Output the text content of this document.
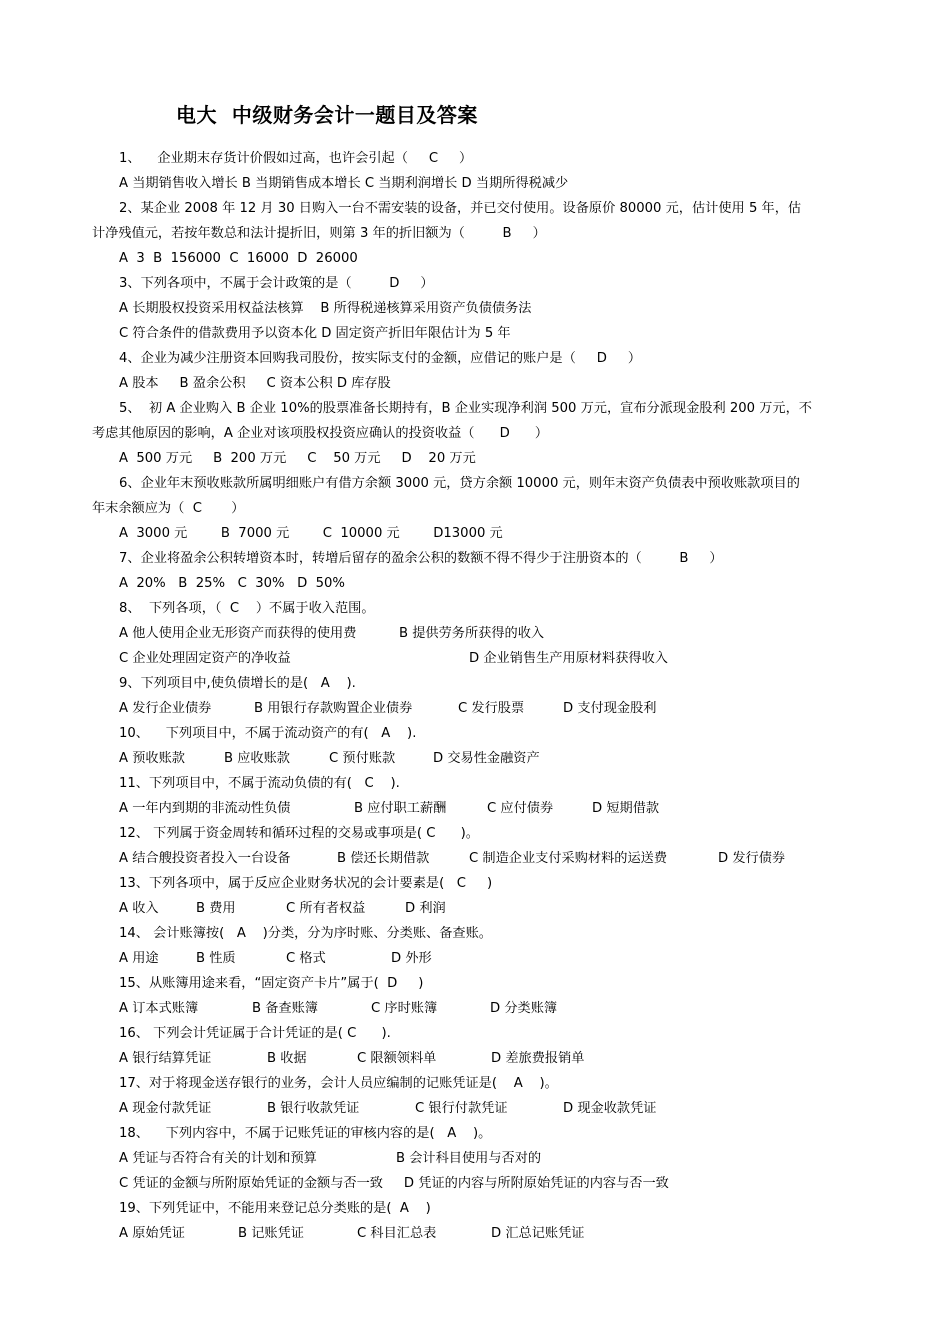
电大  中级财务会计一题目及答案
1、    企业期末存货计价假如过高，也许会引起（     C     ）
A 当期销售收入增长 B 当期销售成本增长 C 当期利润增长 D 当期所得税减少
2、某企业 2008 年 12 月 30 日购入一台不需安装的设备，并已交付使用。设备原价 80000 元，估计使用 5 年，估
计净残值元，若按年数总和法计提折旧，则第 3 年的折旧额为（         B     ）
A  3  B  156000  C  16000  D  26000
3、下列各项中，不属于会计政策的是（         D     ）
A 长期股权投资采用权益法核算    B 所得税递核算采用资产负债债务法
C 符合条件的借款费用予以资本化 D 固定资产折旧年限估计为 5 年
4、企业为减少注册资本回购我司股份，按实际支付的金额，应借记的账户是（     D     ）
A 股本     B 盈余公积     C 资本公积 D 库存股
5、  初 A 企业购入 B 企业 10%的股票准备长期持有，B 企业实现净利润 500 万元，宣布分派现金股利 200 万元，不
考虑其他原因的影响，A 企业对该项股权投资应确认的投资收益（      D      ）
A  500 万元     B  200 万元     C    50 万元     D    20 万元
6、企业年末预收账款所属明细账户有借方余额 3000 元，贷方余额 10000 元，则年末资产负债表中预收账款项目的
年末余额应为（  C       ）
A  3000 元        B  7000 元        C  10000 元        D13000 元
7、企业将盈余公积转增资本时，转增后留存的盈余公积的数额不得不得少于注册资本的（         B     ）
A  20%   B  25%   C  30%   D  50%
8、  下列各项，（  C    ）不属于收入范围。
A 他人使用企业无形资产而获得的使用费	B 提供劳务所获得的收入
C 企业处理固定资产的净收益	D 企业销售生产用原材料获得收入
9、下列项目中,使负债增长的是(   A    ).
A 发行企业债券	B 用银行存款购置企业债券	C 发行股票	D 支付现金股利
10、    下列项目中，不属于流动资产的有(   A    ).
A 预收账款	B 应收账款	C 预付账款	D 交易性金融资产
11、下列项目中，不属于流动负债的有(   C    ).
A 一年内到期的非流动性负债	B 应付职工薪酬	C 应付债券	D 短期借款
12、 下列属于资金周转和循环过程的交易或事项是( C      )。
A 结合艘投资者投入一台设备	B 偿还长期借款	C 制造企业支付采购材料的运送费	D 发行债券
13、下列各项中，属于反应企业财务状况的会计要素是(   C     )
A 收入	B 费用	C 所有者权益	D 利润
14、 会计账簿按(   A    )分类，分为序时账、分类账、备查账。
A 用途	B 性质	C 格式	D 外形
15、从账簿用途来看，“固定资产卡片”属于(  D     )
A 订本式账簿	B 备查账簿	C 序时账簿	D 分类账簿
16、 下列会计凭证属于合计凭证的是( C      ).
A 银行结算凭证	B 收据	C 限额领料单	D 差旅费报销单
17、对于将现金送存银行的业务，会计人员应编制的记账凭证是(    A    )。
A 现金付款凭证	B 银行收款凭证	C 银行付款凭证	D 现金收款凭证
18、    下列内容中，不属于记账凭证的审核内容的是(   A    )。
A 凭证与否符合有关的计划和预算	B 会计科目使用与否对的
C 凭证的金额与所附原始凭证的金额与否一致     D 凭证的内容与所附原始凭证的内容与否一致
19、下列凭证中，不能用来登记总分类账的是(  A    )
A 原始凭证	B 记账凭证	C 科目汇总表	D 汇总记账凭证
